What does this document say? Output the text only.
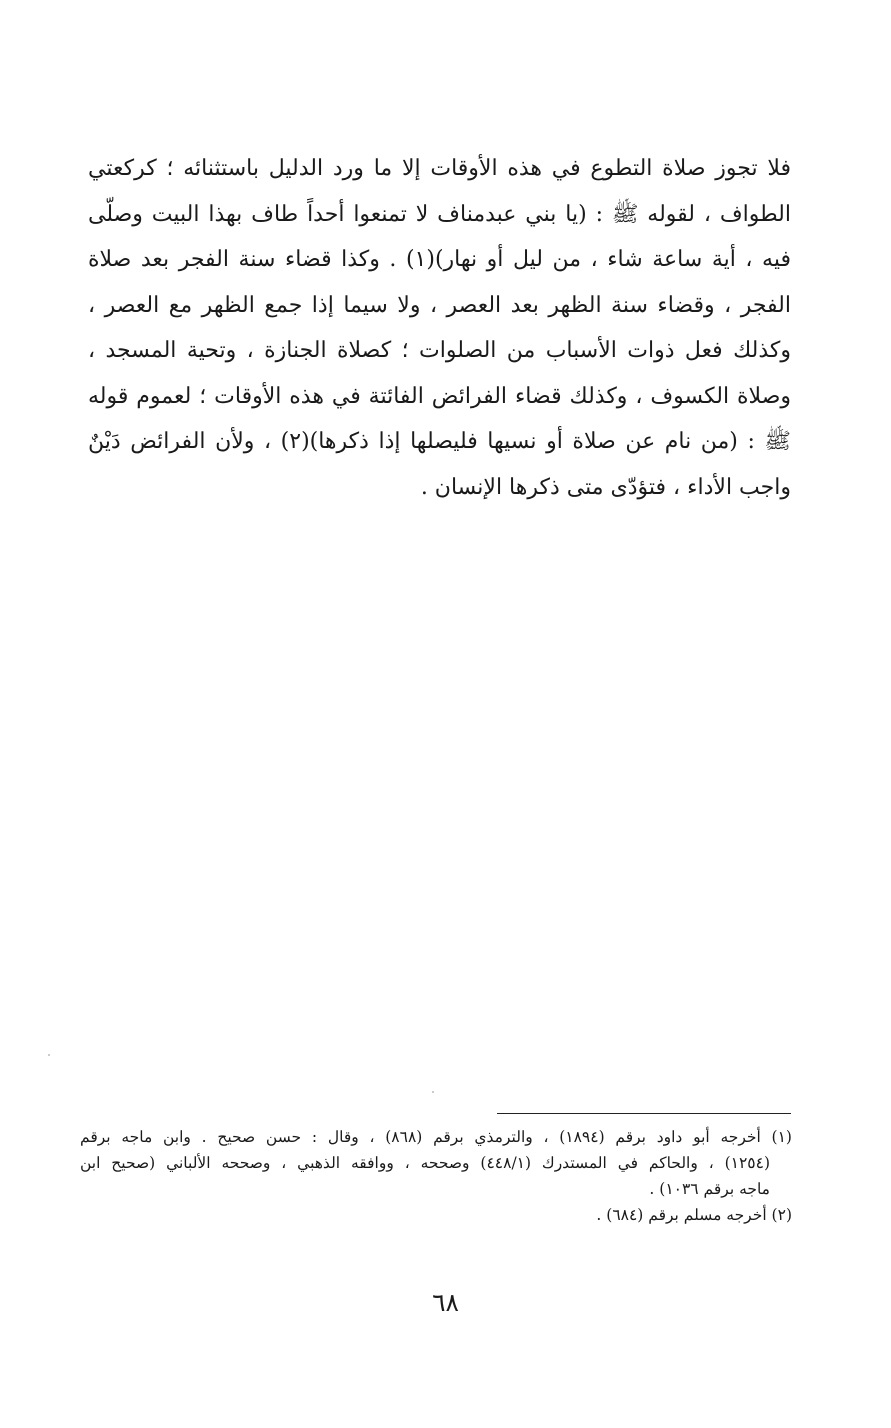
فلا تجوز صلاة التطوع في هذه الأوقات إلا ما ورد الدليل باستثنائه ؛ كركعتي
الطواف ، لقوله ﷺ : (يا بني عبدمناف لا تمنعوا أحداً طاف بهذا البيت وصلّى
فيه ، أية ساعة شاء ، من ليل أو نهار)(١) . وكذا قضاء سنة الفجر بعد صلاة
الفجر ، وقضاء سنة الظهر بعد العصر ، ولا سيما إذا جمع الظهر مع العصر ،
وكذلك فعل ذوات الأسباب من الصلوات ؛ كصلاة الجنازة ، وتحية المسجد ،
وصلاة الكسوف ، وكذلك قضاء الفرائض الفائتة في هذه الأوقات ؛ لعموم قوله
ﷺ : (من نام عن صلاة أو نسيها فليصلها إذا ذكرها)(٢) ، ولأن الفرائض دَيْنٌ
واجب الأداء ، فتؤدّى متى ذكرها الإنسان .
(١) أخرجه أبو داود برقم (١٨٩٤) ، والترمذي برقم (٨٦٨) ، وقال : حسن صحيح . وابن ماجه برقم
(١٢٥٤) ، والحاكم في المستدرك (٤٤٨/١) وصححه ، ووافقه الذهبي ، وصححه الألباني (صحيح ابن
ماجه برقم ١٠٣٦) .
(٢) أخرجه مسلم برقم (٦٨٤) .
٦٨
